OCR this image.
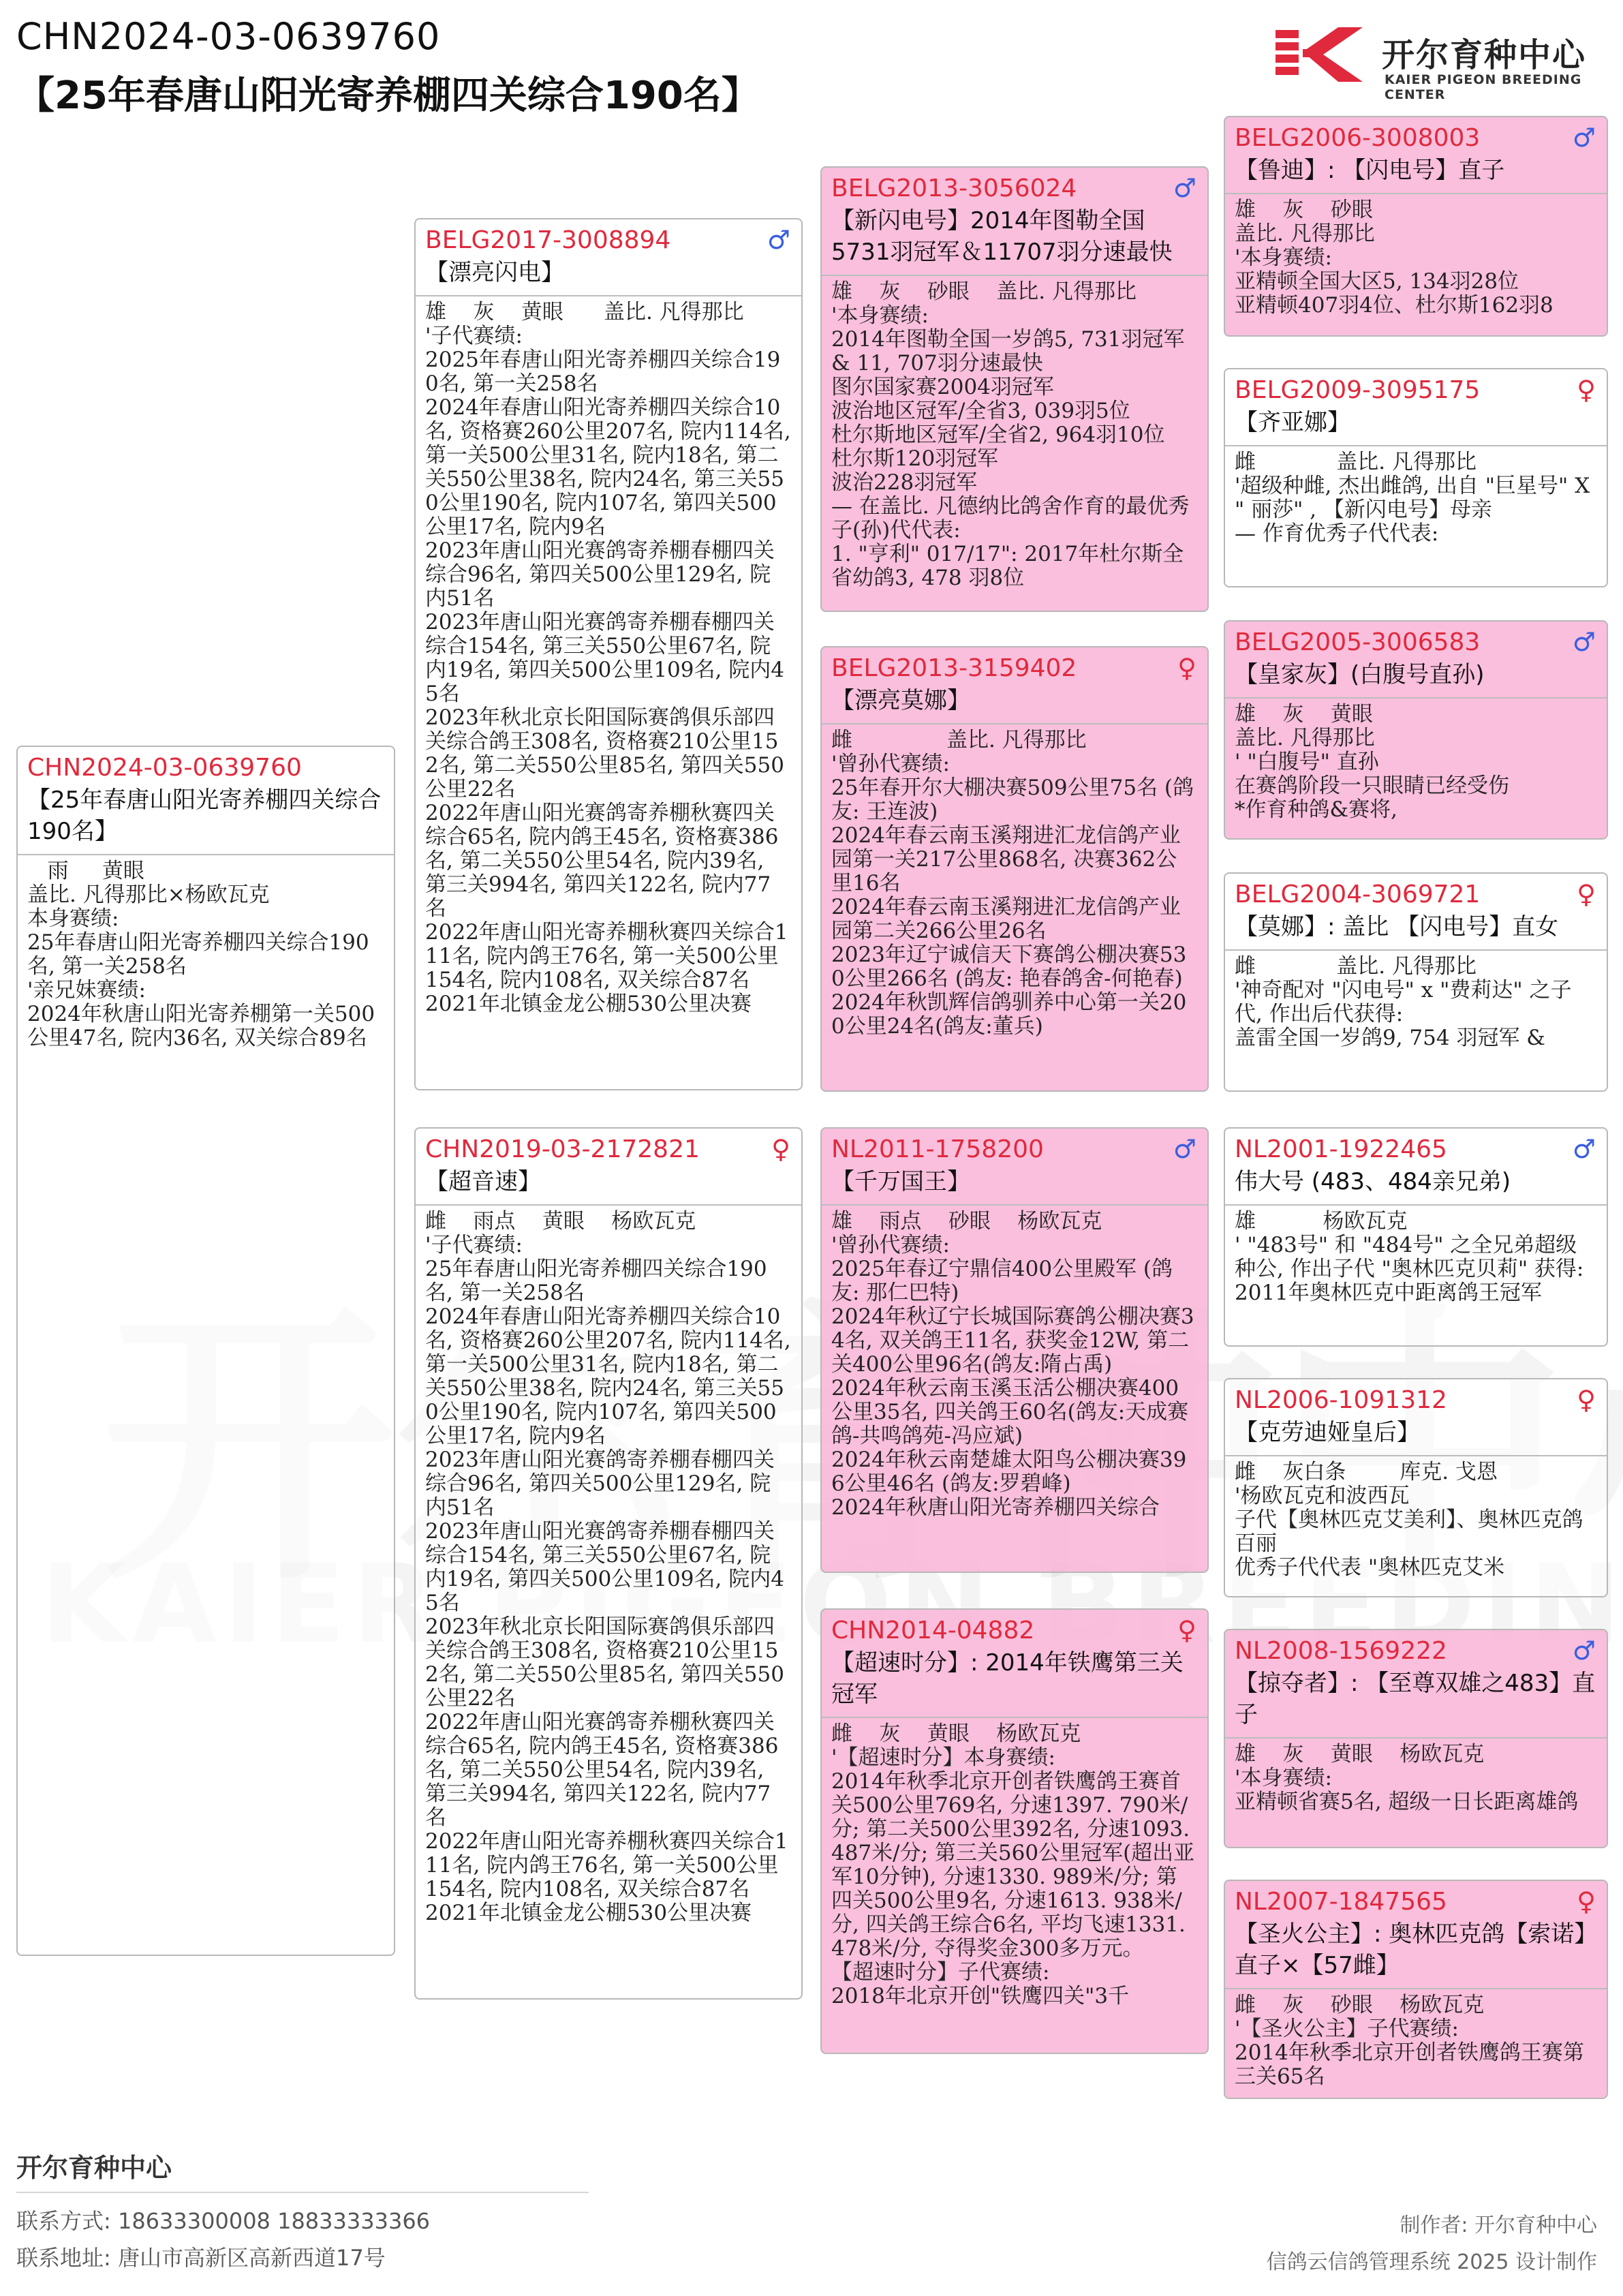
CHN2024-03-0639760
【25年春唐山阳光寄养棚四关综合190名】
开尔育种中心
KAIER PIGEON BREEDING CENTER
CHN2024-03-0639760
【25年春唐山阳光寄养棚四关综合190名】
雨     黄眼
盖比. 凡得那比×杨欧瓦克
本身赛绩:
25年春唐山阳光寄养棚四关综合190名, 第一关258名
'亲兄妹赛绩:
2024年秋唐山阳光寄养棚第一关500公里47名, 院内36名, 双关综合89名
BELG2017-3008894	♂
【漂亮闪电】
雄    灰    黄眼      盖比. 凡得那比
'子代赛绩:
2025年春唐山阳光寄养棚四关综合190名, 第一关258名
2024年春唐山阳光寄养棚四关综合10名, 资格赛260公里207名, 院内114名, 第一关500公里31名, 院内18名, 第二关550公里38名, 院内24名, 第三关550公里190名, 院内107名, 第四关500公里17名, 院内9名
2023年唐山阳光赛鸽寄养棚春棚四关综合96名, 第四关500公里129名, 院内51名
2023年唐山阳光赛鸽寄养棚春棚四关综合154名, 第三关550公里67名, 院内19名, 第四关500公里109名, 院内45名
2023年秋北京长阳国际赛鸽俱乐部四关综合鸽王308名, 资格赛210公里152名, 第二关550公里85名, 第四关550公里22名
2022年唐山阳光赛鸽寄养棚秋赛四关综合65名, 院内鸽王45名, 资格赛386名, 第二关550公里54名, 院内39名, 第三关994名, 第四关122名, 院内77名
2022年唐山阳光寄养棚秋赛四关综合111名, 院内鸽王76名, 第一关500公里154名, 院内108名, 双关综合87名
2021年北镇金龙公棚530公里决赛
CHN2019-03-2172821	♀
【超音速】
雌    雨点    黄眼    杨欧瓦克
'子代赛绩:
25年春唐山阳光寄养棚四关综合190名, 第一关258名
2024年春唐山阳光寄养棚四关综合10名, 资格赛260公里207名, 院内114名, 第一关500公里31名, 院内18名, 第二关550公里38名, 院内24名, 第三关550公里190名, 院内107名, 第四关500公里17名, 院内9名
2023年唐山阳光赛鸽寄养棚春棚四关综合96名, 第四关500公里129名, 院内51名
2023年唐山阳光赛鸽寄养棚春棚四关综合154名, 第三关550公里67名, 院内19名, 第四关500公里109名, 院内45名
2023年秋北京长阳国际赛鸽俱乐部四关综合鸽王308名, 资格赛210公里152名, 第二关550公里85名, 第四关550公里22名
2022年唐山阳光赛鸽寄养棚秋赛四关综合65名, 院内鸽王45名, 资格赛386名, 第二关550公里54名, 院内39名, 第三关994名, 第四关122名, 院内77名
2022年唐山阳光寄养棚秋赛四关综合111名, 院内鸽王76名, 第一关500公里154名, 院内108名, 双关综合87名
2021年北镇金龙公棚530公里决赛
BELG2013-3056024	♂
【新闪电号】2014年图勒全国5731羽冠军＆11707羽分速最快
雄    灰    砂眼    盖比. 凡得那比
'本身赛绩:
2014年图勒全国一岁鸽5, 731羽冠军 & 11, 707羽分速最快
图尔国家赛2004羽冠军
波治地区冠军/全省3, 039羽5位
杜尔斯地区冠军/全省2, 964羽10位
杜尔斯120羽冠军
波治228羽冠军
— 在盖比. 凡德纳比鸽舍作育的最优秀子(孙)代代表:
1. "亨利" 017/17": 2017年杜尔斯全省幼鸽3, 478 羽8位
BELG2013-3159402	♀
【漂亮莫娜】
雌              盖比. 凡得那比
'曾孙代赛绩:
25年春开尔大棚决赛509公里75名 (鸽友: 王连波)
2024年春云南玉溪翔进汇龙信鸽产业园第一关217公里868名, 决赛362公里16名
2024年春云南玉溪翔进汇龙信鸽产业园第二关266公里26名
2023年辽宁诚信天下赛鸽公棚决赛530公里266名 (鸽友: 艳春鸽舍-何艳春)
2024年秋凯辉信鸽驯养中心第一关200公里24名(鸽友:董兵)
NL2011-1758200	♂
【千万国王】
雄    雨点    砂眼    杨欧瓦克
'曾孙代赛绩:
2025年春辽宁鼎信400公里殿军 (鸽友: 那仁巴特)
2024年秋辽宁长城国际赛鸽公棚决赛34名, 双关鸽王11名, 获奖金12W, 第二关400公里96名(鸽友:隋占禹)
2024年秋云南玉溪玉活公棚决赛400公里35名, 四关鸽王60名(鸽友:天成赛鸽-共鸣鸽苑-冯应斌)
2024年秋云南楚雄太阳鸟公棚决赛396公里46名 (鸽友:罗碧峰)
2024年秋唐山阳光寄养棚四关综合
CHN2014-04882	♀
【超速时分】: 2014年铁鹰第三关冠军
雌    灰    黄眼    杨欧瓦克
'【超速时分】本身赛绩:
2014年秋季北京开创者铁鹰鸽王赛首关500公里769名, 分速1397. 790米/分; 第二关500公里392名, 分速1093. 487米/分; 第三关560公里冠军(超出亚军10分钟), 分速1330. 989米/分; 第四关500公里9名, 分速1613. 938米/分, 四关鸽王综合6名, 平均飞速1331. 478米/分, 夺得奖金300多万元。
【超速时分】子代赛绩:
2018年北京开创"铁鹰四关"3千
BELG2006-3008003	♂
【鲁迪】: 【闪电号】直子
雄    灰    砂眼
盖比. 凡得那比
'本身赛绩:
亚精顿全国大区5, 134羽28位
亚精顿407羽4位、杜尔斯162羽8
BELG2009-3095175	♀
【齐亚娜】
雌            盖比. 凡得那比
'超级种雌, 杰出雌鸽, 出自 "巨星号" X " 丽莎" , 【新闪电号】母亲
— 作育优秀子代代表:
BELG2005-3006583	♂
【皇家灰】(白腹号直孙)
雄    灰    黄眼
盖比. 凡得那比
' "白腹号" 直孙
在赛鸽阶段一只眼睛已经受伤
*作育种鸽&赛将,
BELG2004-3069721	♀
【莫娜】: 盖比 【闪电号】直女
雌            盖比. 凡得那比
'神奇配对 "闪电号" x "费莉达" 之子代, 作出后代获得:
盖雷全国一岁鸽9, 754 羽冠军 &
NL2001-1922465	♂
伟大号 (483、484亲兄弟)
雄          杨欧瓦克
' "483号" 和 "484号" 之全兄弟超级种公, 作出子代 "奥林匹克贝莉" 获得:
2011年奥林匹克中距离鸽王冠军
NL2006-1091312	♀
【克劳迪娅皇后】
雌    灰白条        库克. 戈恩
'杨欧瓦克和波西瓦
子代【奥林匹克艾美利】、奥林匹克鸽百丽
优秀子代代表 "奥林匹克艾米
NL2008-1569222	♂
【掠夺者】: 【至尊双雄之483】直子
雄    灰    黄眼    杨欧瓦克
'本身赛绩:
亚精顿省赛5名, 超级一日长距离雄鸽
NL2007-1847565	♀
【圣火公主】: 奥林匹克鸽【索诺】直子×【57雌】
雌    灰    砂眼    杨欧瓦克
'【圣火公主】子代赛绩:
2014年秋季北京开创者铁鹰鸽王赛第三关65名
开尔育种中心
联系方式: 18633300008 18833333366
联系地址: 唐山市高新区高新西道17号
制作者: 开尔育种中心
信鸽云信鸽管理系统 2025 设计制作
